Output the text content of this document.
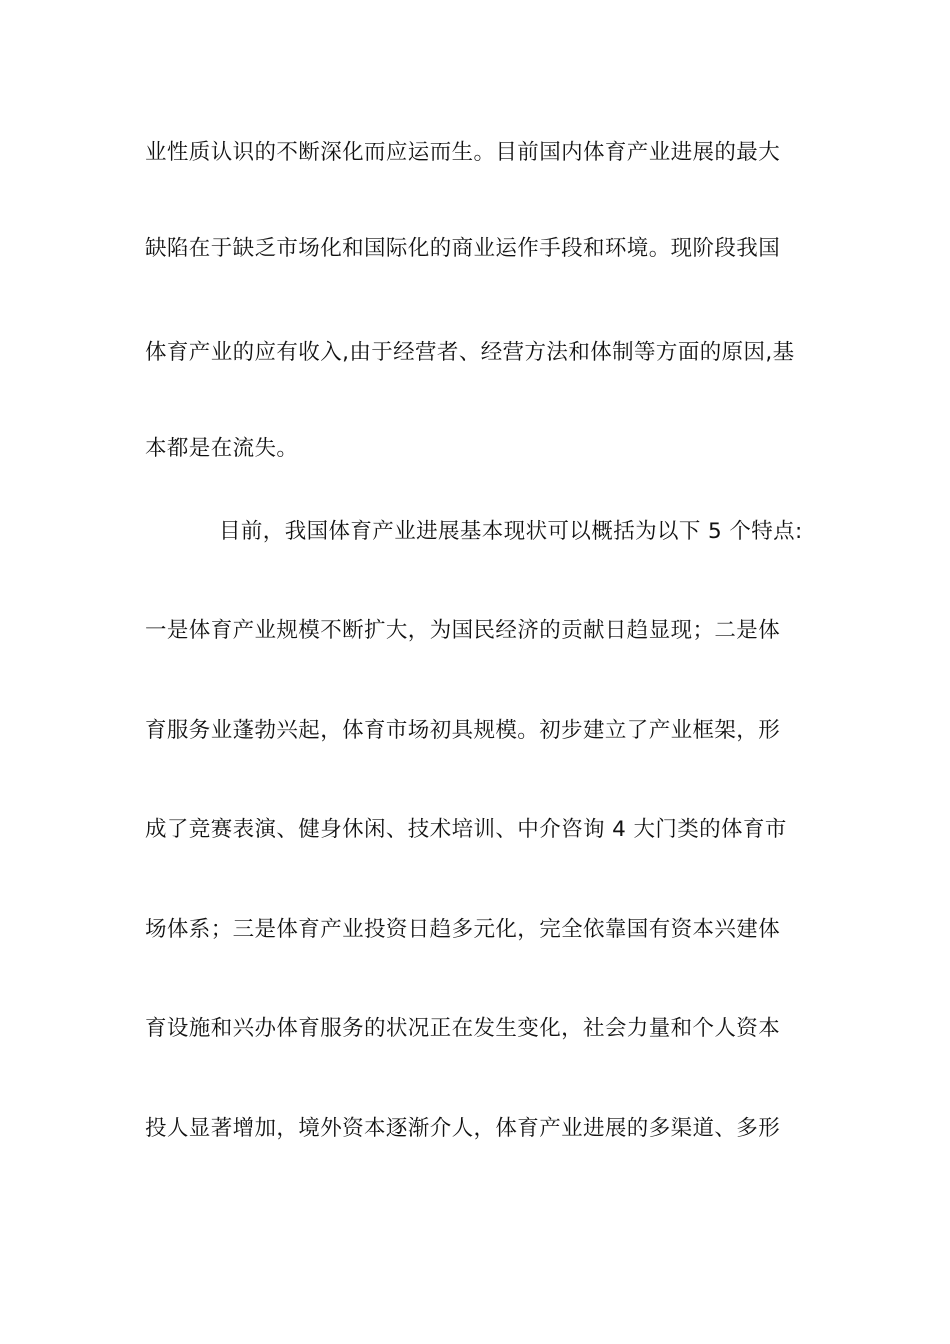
业性质认识的不断深化而应运而生。目前国内体育产业进展的最大
缺陷在于缺乏市场化和国际化的商业运作手段和环境。现阶段我国
体育产业的应有收入,由于经营者、经营方法和体制等方面的原因,基
本都是在流失。
目前，我国体育产业进展基本现状可以概括为以下 5 个特点:
一是体育产业规模不断扩大，为国民经济的贡献日趋显现；二是体
育服务业蓬勃兴起，体育市场初具规模。初步建立了产业框架，形
成了竞赛表演、健身休闲、技术培训、中介咨询 4 大门类的体育市
场体系；三是体育产业投资日趋多元化，完全依靠国有资本兴建体
育设施和兴办体育服务的状况正在发生变化，社会力量和个人资本
投人显著增加，境外资本逐渐介人，体育产业进展的多渠道、多形
